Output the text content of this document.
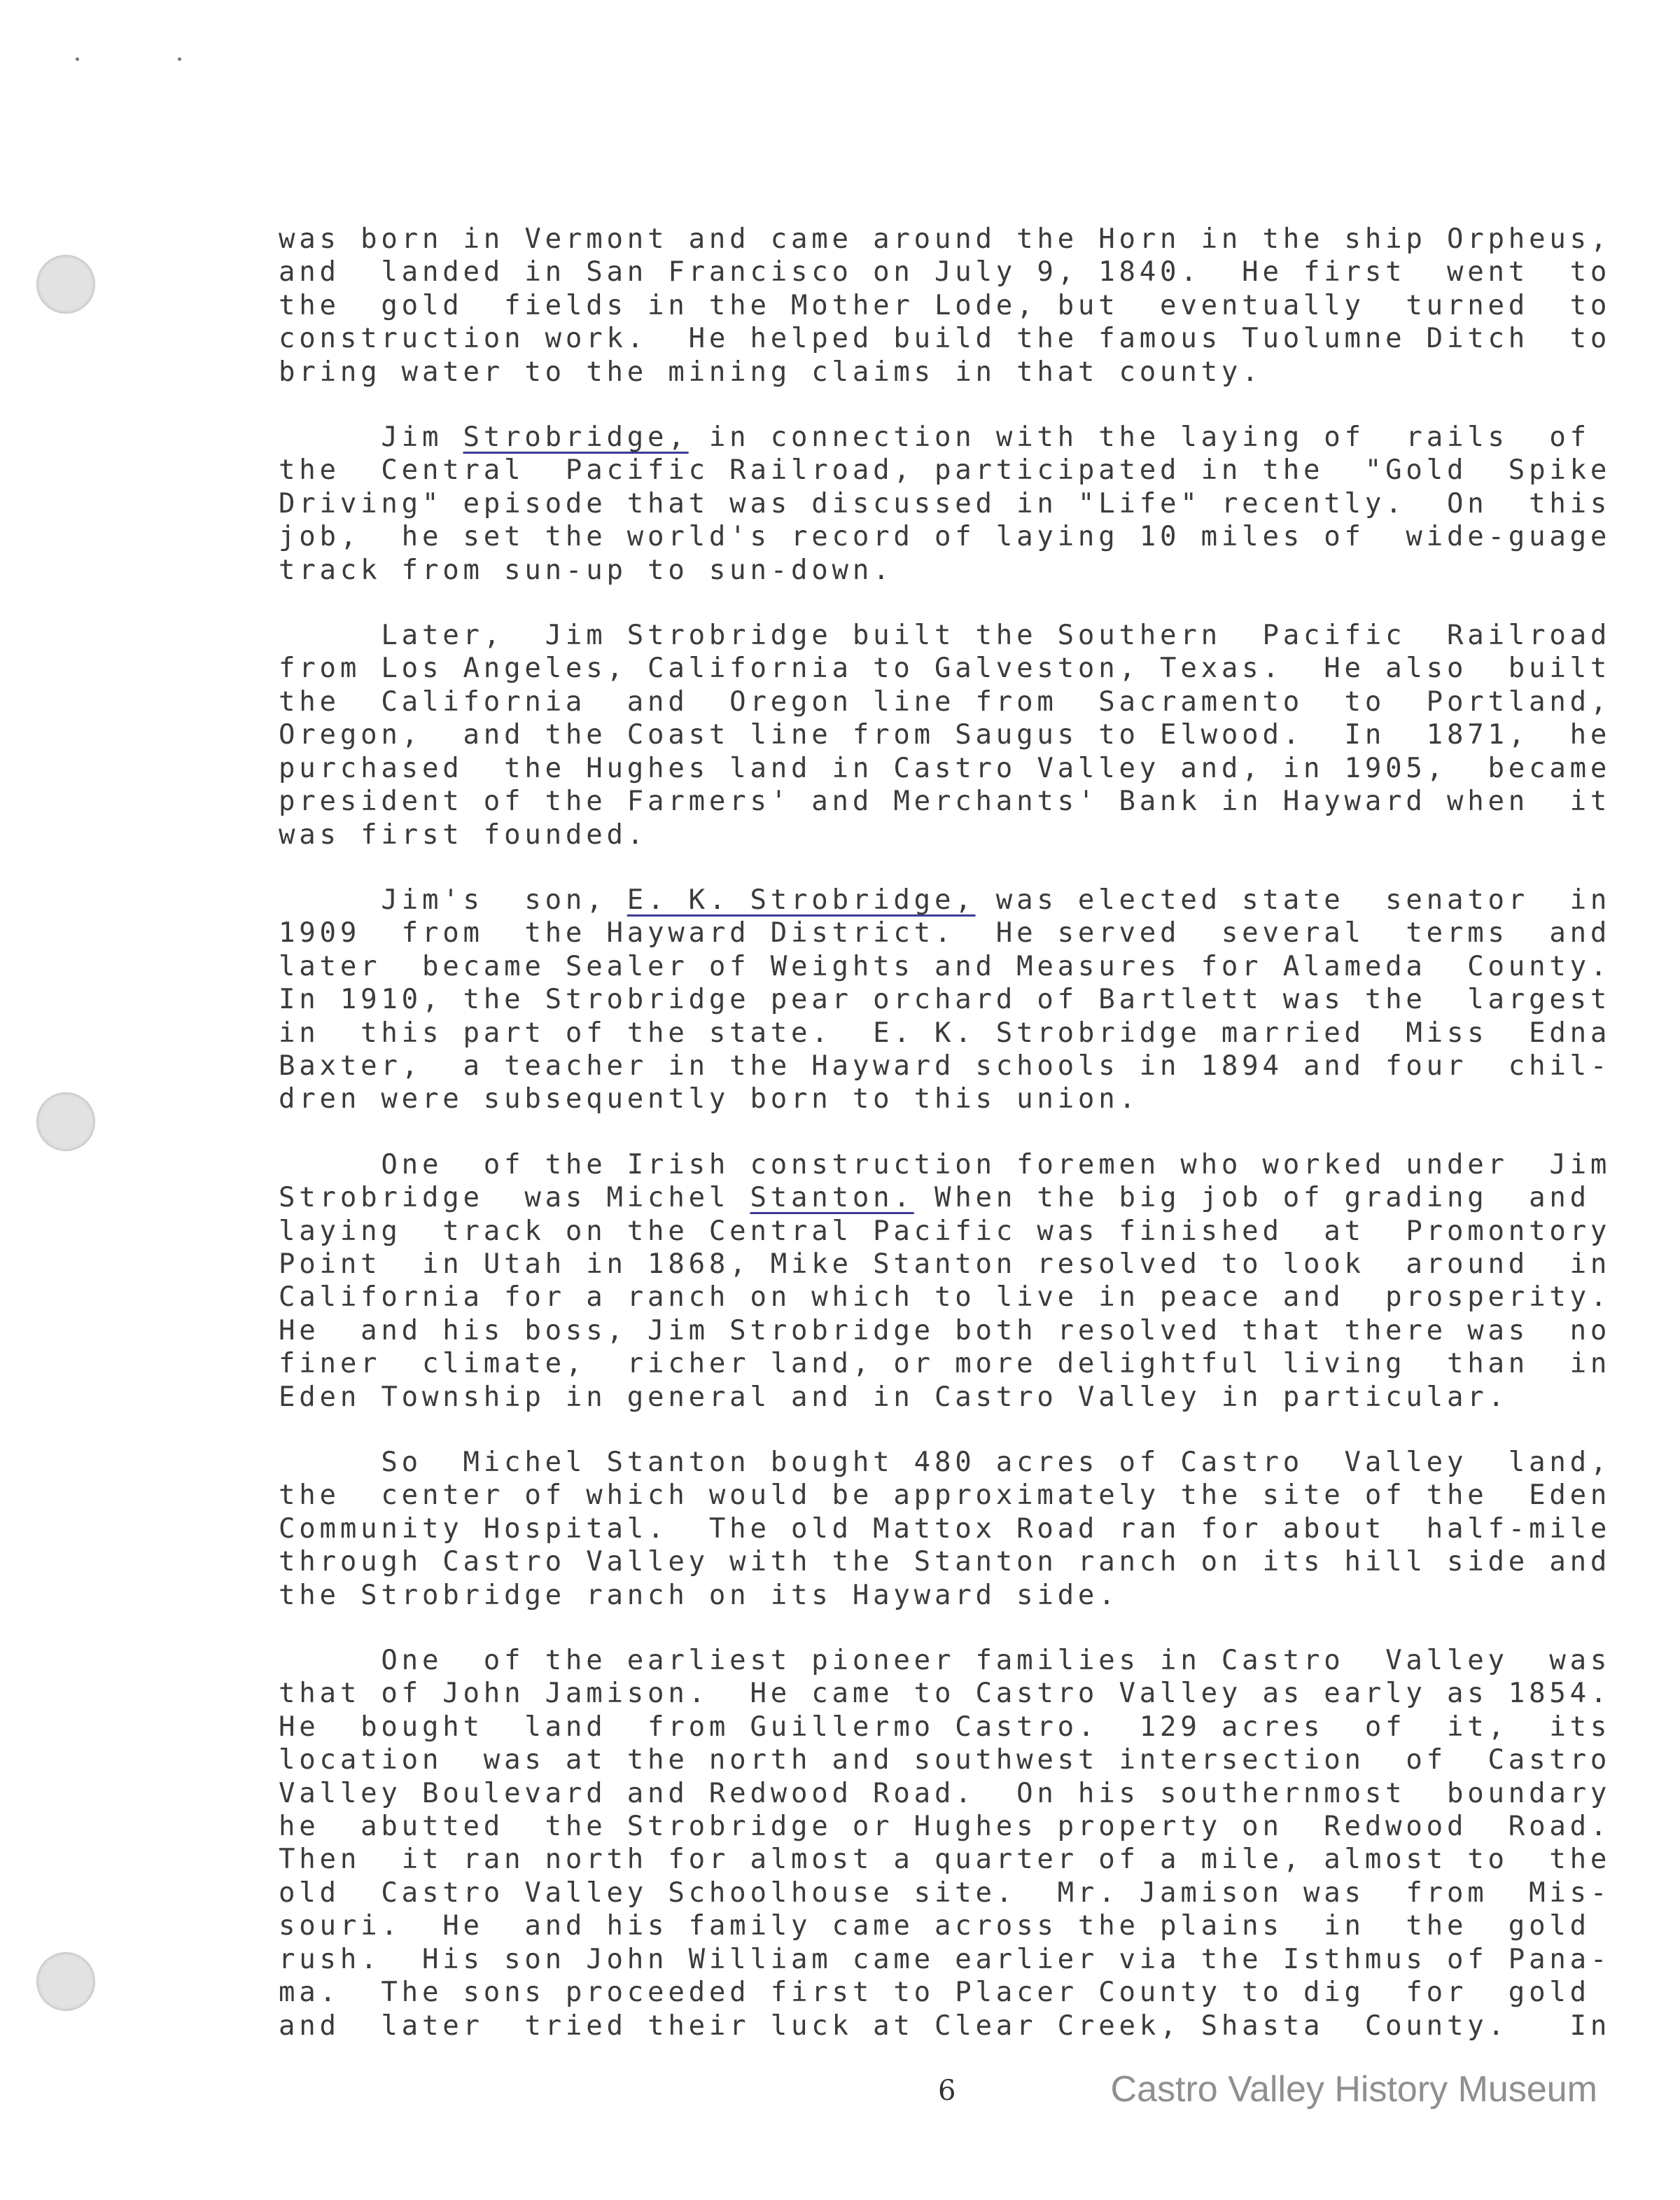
was born in Vermont and came around the Horn in the ship Orpheus,
and  landed in San Francisco on July 9, 1840.  He first  went  to
the  gold  fields in the Mother Lode, but  eventually  turned  to
construction work.  He helped build the famous Tuolumne Ditch  to
bring water to the mining claims in that county.
Jim Strobridge, in connection with the laying of  rails  of
the  Central  Pacific Railroad, participated in the  "Gold  Spike
Driving" episode that was discussed in "Life" recently.  On  this
job,  he set the world's record of laying 10 miles of  wide-guage
track from sun-up to sun-down.
Later,  Jim Strobridge built the Southern  Pacific  Railroad
from Los Angeles, California to Galveston, Texas.  He also  built
the  California  and  Oregon line from  Sacramento  to  Portland,
Oregon,  and the Coast line from Saugus to Elwood.  In  1871,  he
purchased  the Hughes land in Castro Valley and, in 1905,  became
president of the Farmers' and Merchants' Bank in Hayward when  it
was first founded.
Jim's  son, E. K. Strobridge, was elected state  senator  in
1909  from  the Hayward District.  He served  several  terms  and
later  became Sealer of Weights and Measures for Alameda  County.
In 1910, the Strobridge pear orchard of Bartlett was the  largest
in  this part of the state.  E. K. Strobridge married  Miss  Edna
Baxter,  a teacher in the Hayward schools in 1894 and four  chil-
dren were subsequently born to this union.
One  of the Irish construction foremen who worked under  Jim
Strobridge  was Michel Stanton. When the big job of grading  and
laying  track on the Central Pacific was finished  at  Promontory
Point  in Utah in 1868, Mike Stanton resolved to look  around  in
California for a ranch on which to live in peace and  prosperity.
He  and his boss, Jim Strobridge both resolved that there was  no
finer  climate,  richer land, or more delightful living  than  in
Eden Township in general and in Castro Valley in particular.
So  Michel Stanton bought 480 acres of Castro  Valley  land,
the  center of which would be approximately the site of the  Eden
Community Hospital.  The old Mattox Road ran for about  half-mile
through Castro Valley with the Stanton ranch on its hill side and
the Strobridge ranch on its Hayward side.
One  of the earliest pioneer families in Castro  Valley  was
that of John Jamison.  He came to Castro Valley as early as 1854.
He  bought  land  from Guillermo Castro.  129 acres  of  it,  its
location  was at the north and southwest intersection  of  Castro
Valley Boulevard and Redwood Road.  On his southernmost  boundary
he  abutted  the Strobridge or Hughes property on  Redwood  Road.
Then  it ran north for almost a quarter of a mile, almost to  the
old  Castro Valley Schoolhouse site.  Mr. Jamison was  from  Mis-
souri.  He  and his family came across the plains  in  the  gold
rush.  His son John William came earlier via the Isthmus of Pana-
ma.  The sons proceeded first to Placer County to dig  for  gold
and  later  tried their luck at Clear Creek, Shasta  County.   In
6	Castro Valley History Museum
